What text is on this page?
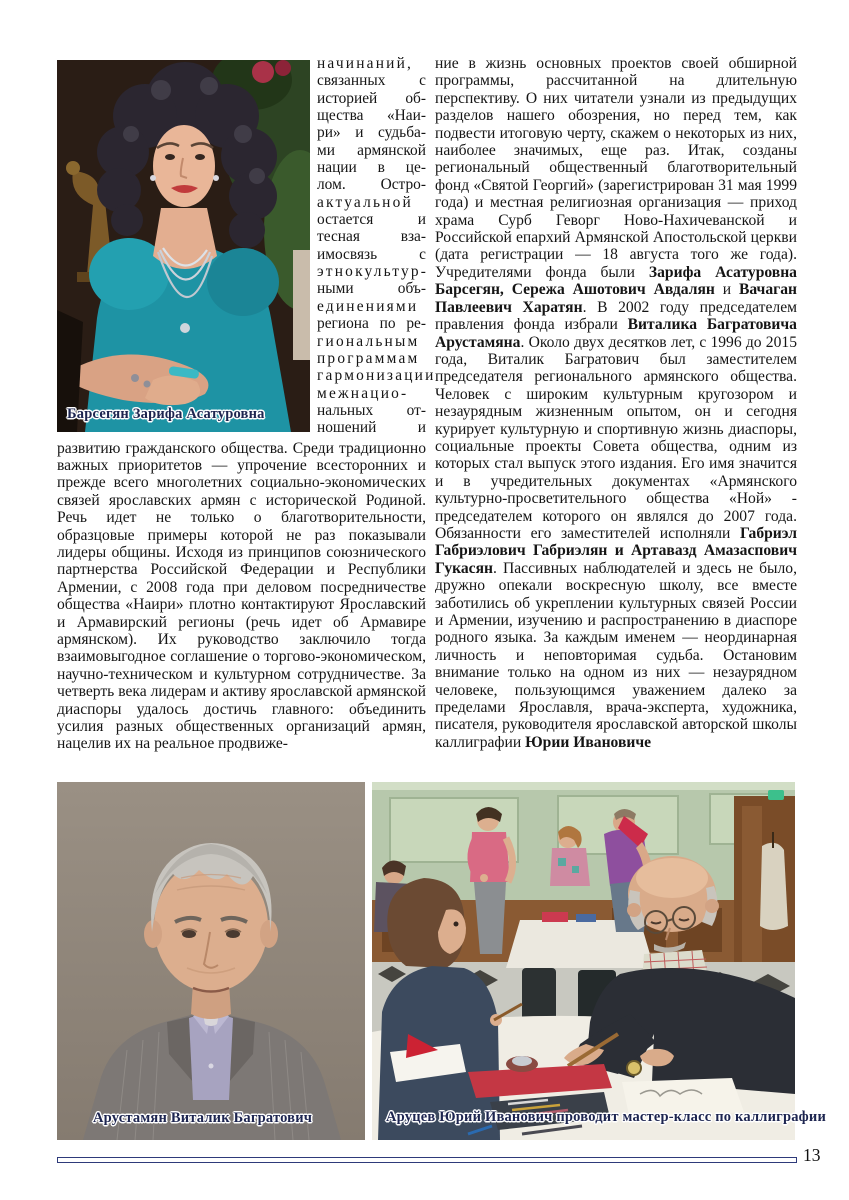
Барсегян Зарифа Асатуровна
начинаний,
связанных с
историей об-
щества «Наи-
ри» и судьба-
ми армянской
нации в це-
лом. Остро-
актуальной
остается и
тесная вза-
имосвязь с
этнокультур-
ными объ-
единениями
региона по ре-
гиональным
программам
гармонизации
межнацио-
нальных от-
ношений и

развитию гражданского общества. Среди традиционно важных приоритетов — упрочение всесторонних и прежде всего многолетних социально-экономических связей ярославских армян с исторической Родиной. Речь идет не только о благотворительности, образцовые примеры которой не раз показывали лидеры общины. Исходя из принципов союзнического партнерства Российской Федерации и Республики Армении, с 2008 года при деловом посредничестве общества «Наири» плотно контактируют Ярославский и Армавирский регионы (речь идет об Армавире армянском). Их руководство заключило тогда взаимовыгодное соглашение о торгово-экономическом, научно-техническом и культурном сотрудничестве. За четверть века лидерам и активу ярославской армянской диаспоры удалось достичь главного: объединить усилия разных общественных организаций армян, нацелив их на реальное продвиже-

ние в жизнь основных проектов своей обширной программы, рассчитанной на длительную перспективу. О них читатели узнали из предыдущих разделов нашего обозрения, но перед тем, как подвести итоговую черту, скажем о некоторых из них, наиболее значимых, еще раз. Итак, созданы региональный общественный благотворительный фонд «Святой Георгий» (зарегистрирован 31 мая 1999 года) и местная религиозная организация — приход храма Сурб Геворг Ново-Нахичеванской и Российской епархий Армянской Апостольской церкви (дата регистрации — 18 августа того же года). Учредителями фонда были Зарифа Асатуровна Барсегян, Сережа Ашотович Авдалян и Вачаган Павлеевич Харатян. В 2002 году председателем правления фонда избрали Виталика Багратовича Арустамяна. Около двух десятков лет, с 1996 до 2015 года, Виталик Багратович был заместителем председателя регионального армянского общества. Человек с широким культурным кругозором и незаурядным жизненным опытом, он и сегодня курирует культурную и спортивную жизнь диаспоры, социальные проекты Совета общества, одним из которых стал выпуск этого издания. Его имя значится и в учредительных документах «Армянского культурно-просветительного общества «Ной» - председателем которого он являлся до 2007 года. Обязанности его заместителей исполняли Габриэл Габриэлович Габриэлян и Артавазд Амазаспович Гукасян. Пассивных наблюдателей и здесь не было, дружно опекали воскресную школу, все вместе заботились об укреплении культурных связей России и Армении, изучению и распространению в диаспоре родного языка. За каждым именем — неординарная личность и неповторимая судьба. Остановим внимание только на одном из них — незаурядном человеке, пользующимся уважением далеко за пределами Ярославля, врача-эксперта, художника, писателя, руководителя ярославской авторской школы каллиграфии Юрии Ивановиче

Арустамян Виталик Багратович	Аруцев Юрий Иванович проводит мастер-класс по каллиграфии
13
